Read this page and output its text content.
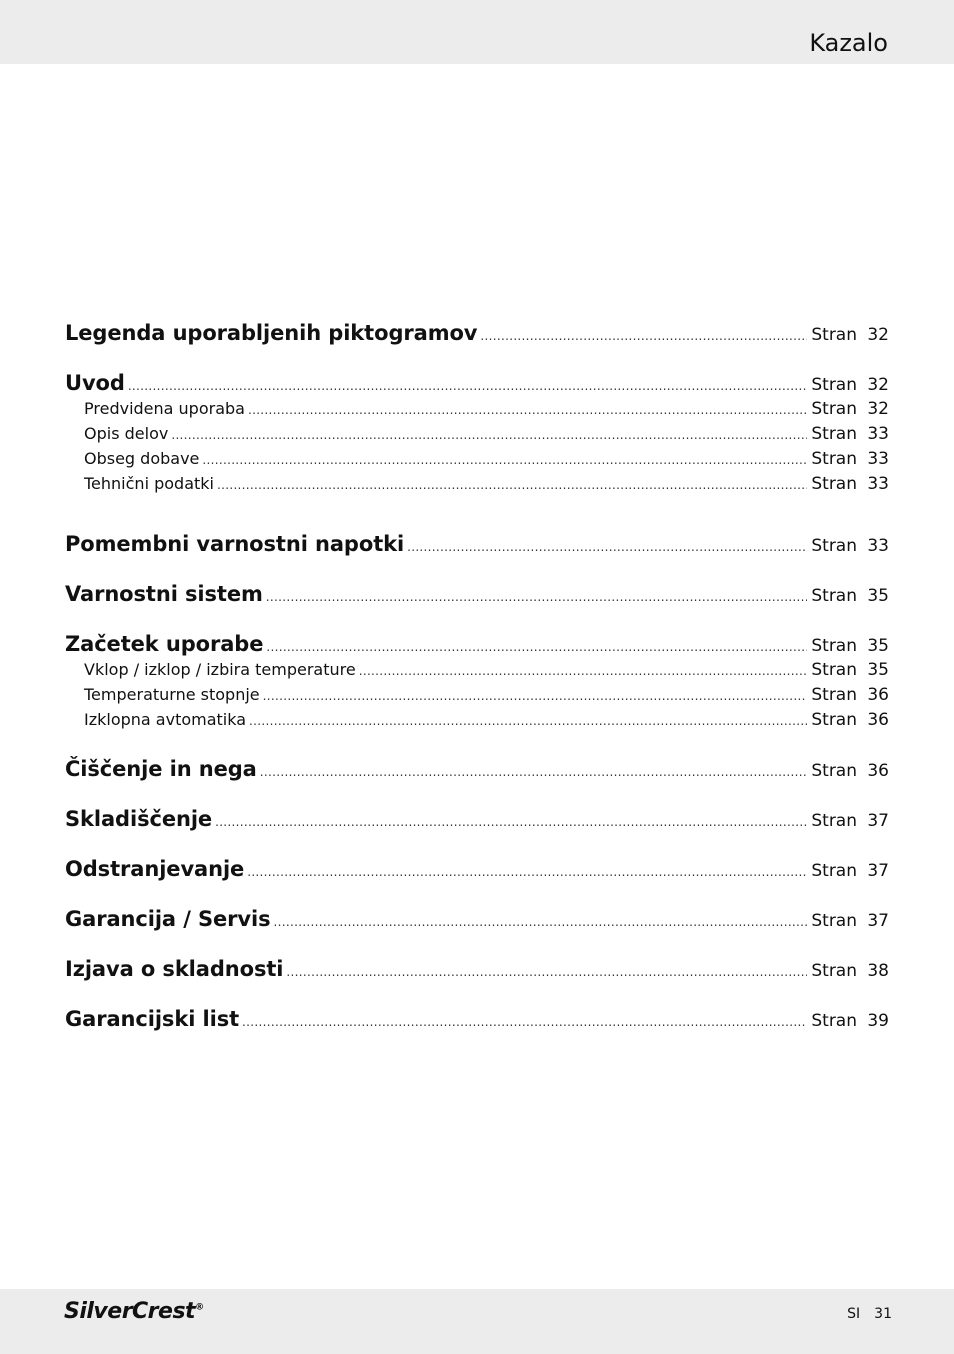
Kazalo
Legenda uporabljenih piktogramov .....	Stran 32
Uvod .....	Stran 32
Predvidena uporaba .....	Stran 32
Opis delov .....	Stran 33
Obseg dobave .....	Stran 33
Tehnični podatki .....	Stran 33
Pomembni varnostni napotki .....	Stran 33
Varnostni sistem .....	Stran 35
Začetek uporabe .....	Stran 35
Vklop / izklop / izbira temperature .....	Stran 35
Temperaturne stopnje .....	Stran 36
Izklopna avtomatika .....	Stran 36
Čiščenje in nega .....	Stran 36
Skladiščenje .....	Stran 37
Odstranjevanje .....	Stran 37
Garancija / Servis .....	Stran 37
Izjava o skladnosti .....	Stran 38
Garancijski list .....	Stran 39
SilverCrest®	SI 31
